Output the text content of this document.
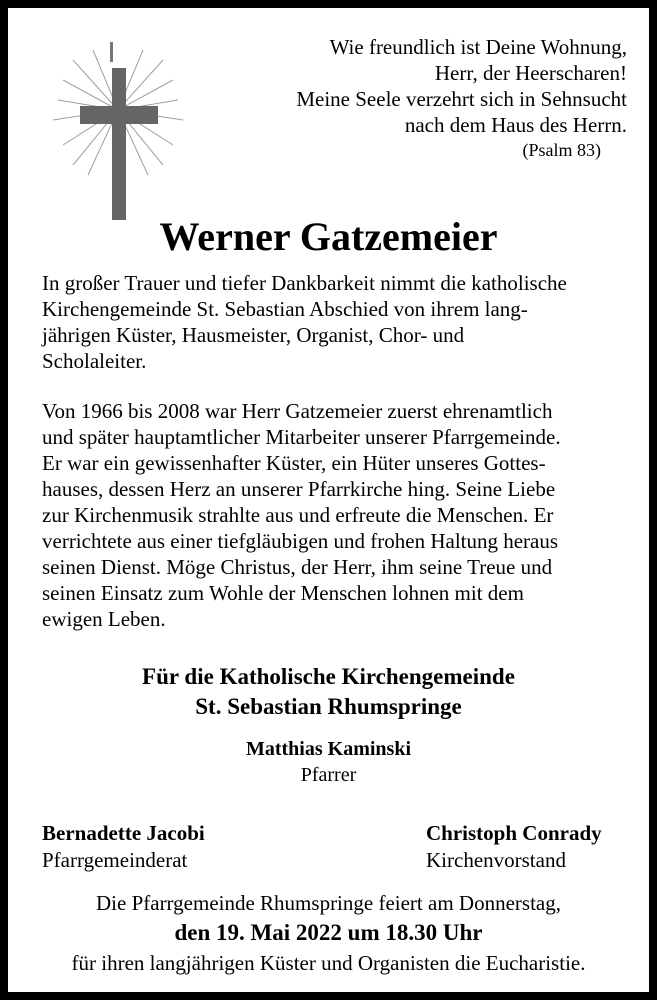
Wie freundlich ist Deine Wohnung,
Herr, der Heerscharen!
Meine Seele verzehrt sich in Sehnsucht
nach dem Haus des Herrn.
(Psalm 83)
Werner Gatzemeier
In großer Trauer und tiefer Dankbarkeit nimmt die katholische
Kirchengemeinde St. Sebastian Abschied von ihrem lang-
jährigen Küster, Hausmeister, Organist, Chor- und
Scholaleiter.
Von 1966 bis 2008 war Herr Gatzemeier zuerst ehrenamtlich
und später hauptamtlicher Mitarbeiter unserer Pfarrgemeinde.
Er war ein gewissenhafter Küster, ein Hüter unseres Gottes-
hauses, dessen Herz an unserer Pfarrkirche hing. Seine Liebe
zur Kirchenmusik strahlte aus und erfreute die Menschen. Er
verrichtete aus einer tiefgläubigen und frohen Haltung heraus
seinen Dienst. Möge Christus, der Herr, ihm seine Treue und
seinen Einsatz zum Wohle der Menschen lohnen mit dem
ewigen Leben.
Für die Katholische Kirchengemeinde
St. Sebastian Rhumspringe
Matthias Kaminski
Pfarrer
Bernadette Jacobi
Pfarrgemeinderat
Christoph Conrady
Kirchenvorstand
Die Pfarrgemeinde Rhumspringe feiert am Donnerstag,
den 19. Mai 2022 um 18.30 Uhr
für ihren langjährigen Küster und Organisten die Eucharistie.
